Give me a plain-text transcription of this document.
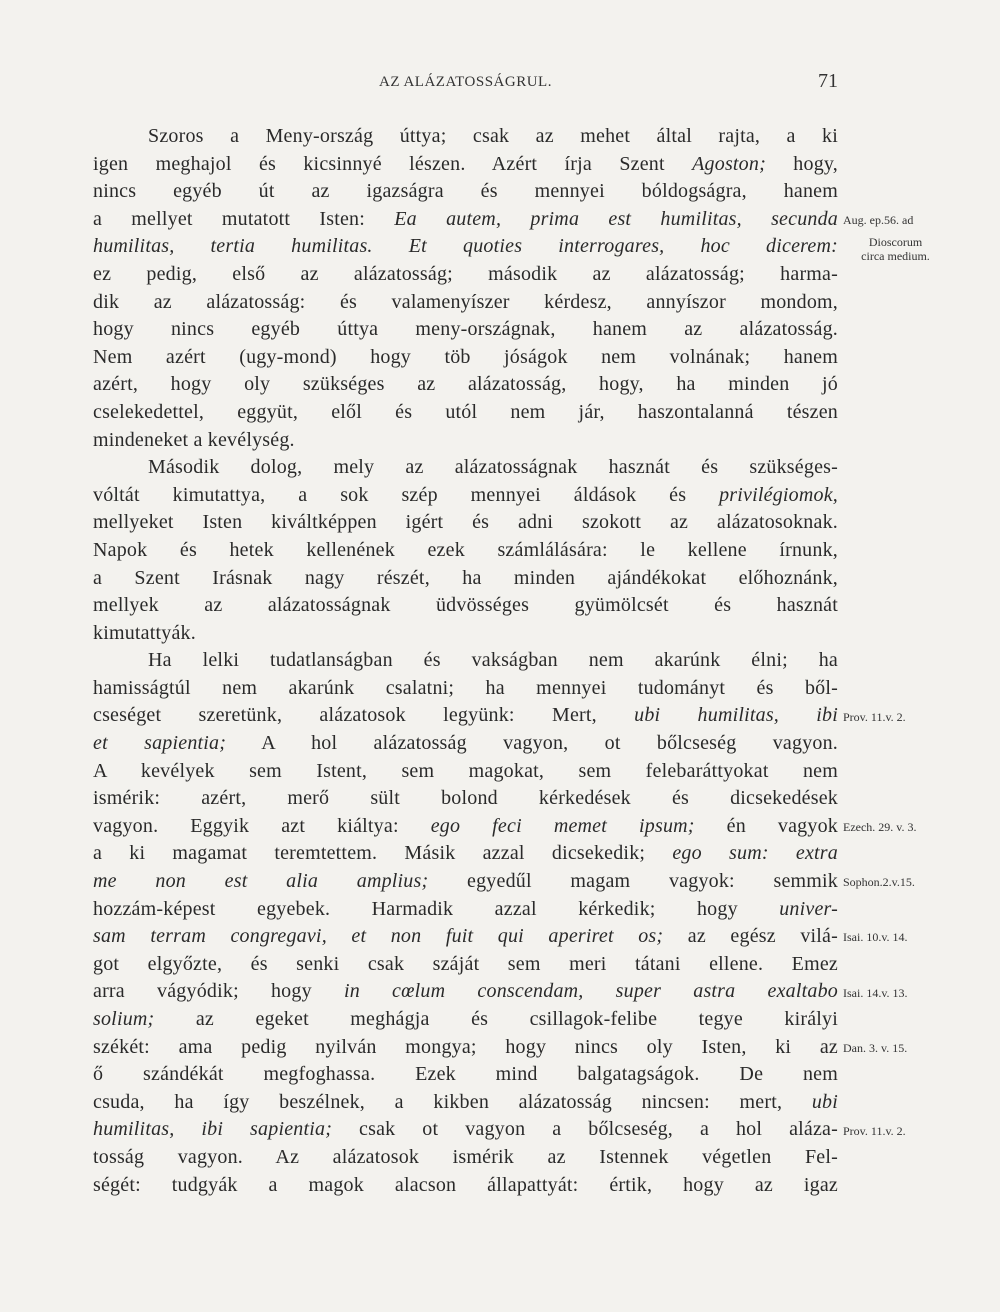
AZ ALÁZATOSSÁGRUL.	71
Szoros a Meny-ország úttya; csak az mehet által rajta, a ki
igen meghajol és kicsinnyé lészen. Azért írja Szent Agoston; hogy,
nincs egyéb út az igazságra és mennyei bóldogságra, hanem
a mellyet mutatott Isten: Ea autem, prima est humilitas, secunda
humilitas, tertia humilitas. Et quoties interrogares, hoc dicerem:
ez pedig, első az alázatosság; második az alázatosság; harma-
dik az alázatosság: és valamenyíszer kérdesz, annyíszor mondom,
hogy nincs egyéb úttya meny-országnak, hanem az alázatosság.
Nem azért (ugy-mond) hogy töb jóságok nem volnának; hanem
azért, hogy oly szükséges az alázatosság, hogy, ha minden jó
cselekedettel, eggyüt, elől és utól nem jár, haszontalanná tészen
mindeneket a kevélység.
Második dolog, mely az alázatosságnak hasznát és szükséges-
vóltát kimutattya, a sok szép mennyei áldások és privilégiomok,
mellyeket Isten kiváltképpen igért és adni szokott az alázatosoknak.
Napok és hetek kellenének ezek számlálására: le kellene írnunk,
a Szent Irásnak nagy részét, ha minden ajándékokat előhoznánk,
mellyek az alázatosságnak üdvösséges gyümölcsét és hasznát
kimutattyák.
Ha lelki tudatlanságban és vakságban nem akarúnk élni; ha
hamisságtúl nem akarúnk csalatni; ha mennyei tudományt és ből-
cseséget szeretünk, alázatosok legyünk: Mert, ubi humilitas, ibi
et sapientia; A hol alázatosság vagyon, ot bőlcseség vagyon.
A kevélyek sem Istent, sem magokat, sem felebaráttyokat nem
ismérik: azért, merő sült bolond kérkedések és dicsekedések
vagyon. Eggyik azt kiáltya: ego feci memet ipsum; én vagyok
a ki magamat teremtettem. Másik azzal dicsekedik; ego sum: extra
me non est alia amplius; egyedűl magam vagyok: semmik
hozzám-képest egyebek. Harmadik azzal kérkedik; hogy univer-
sam terram congregavi, et non fuit qui aperiret os; az egész vilá-
got elgyőzte, és senki csak száját sem meri tátani ellene. Emez
arra vágyódik; hogy in cœlum conscendam, super astra exaltabo
solium; az egeket meghágja és csillagok-felibe tegye királyi
székét: ama pedig nyilván mongya; hogy nincs oly Isten, ki az
ő szándékát megfoghassa. Ezek mind balgatagságok. De nem
csuda, ha így beszélnek, a kikben alázatosság nincsen: mert, ubi
humilitas, ibi sapientia; csak ot vagyon a bőlcseség, a hol aláza-
tosság vagyon. Az alázatosok ismérik az Istennek végetlen Fel-
ségét: tudgyák a magok alacson állapattyát: értik, hogy az igaz
Aug. ep.56. ad
Dioscorum
circa medium.
Prov. 11.v. 2.
Ezech. 29. v. 3.
Sophon.2.v.15.
Isai. 10.v. 14.
Isai. 14.v. 13.
Dan. 3. v. 15.
Prov. 11.v. 2.
